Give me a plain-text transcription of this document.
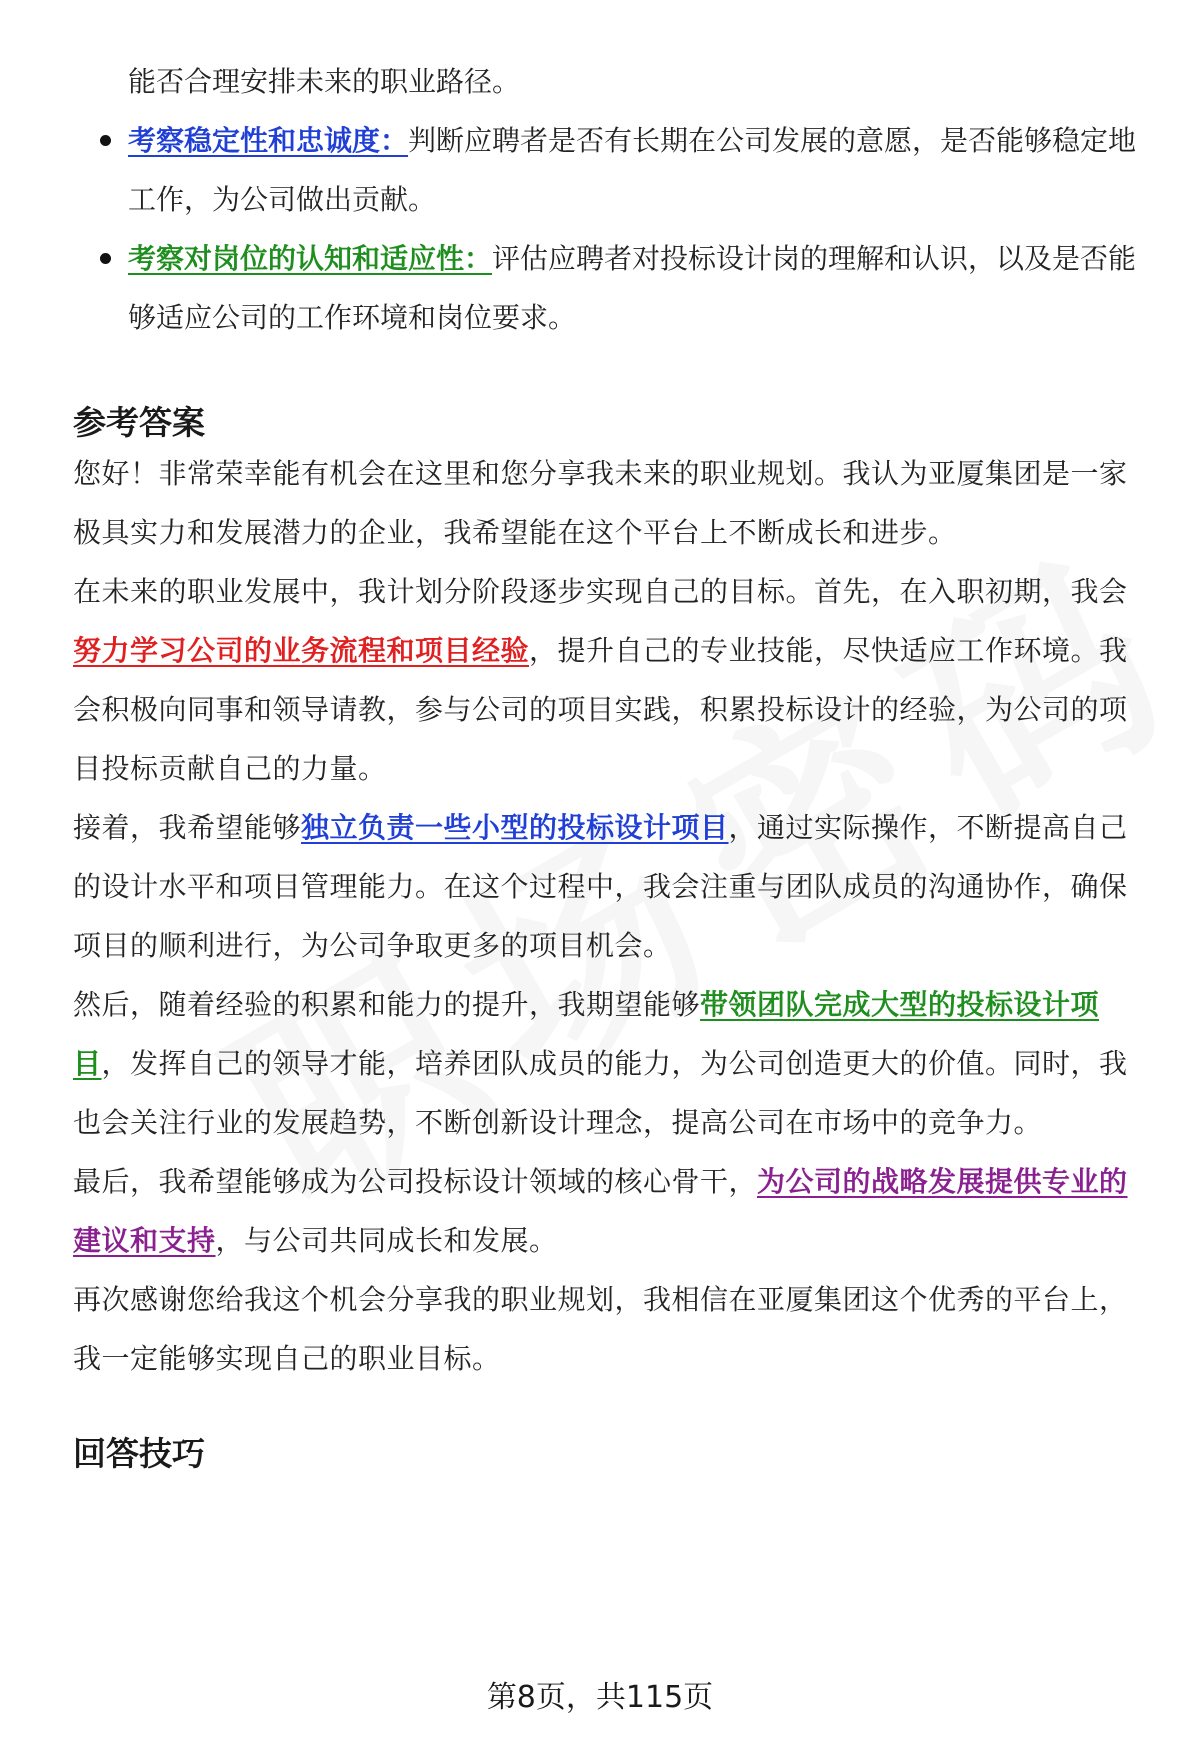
能否合理安排未来的职业路径。

考察稳定性和忠诚度：判断应聘者是否有长期在公司发展的意愿，是否能够稳定地工作，为公司做出贡献。
考察对岗位的认知和适应性：评估应聘者对投标设计岗的理解和认识，以及是否能够适应公司的工作环境和岗位要求。
参考答案

您好！非常荣幸能有机会在这里和您分享我未来的职业规划。我认为亚厦集团是一家极具实力和发展潜力的企业，我希望能在这个平台上不断成长和进步。

在未来的职业发展中，我计划分阶段逐步实现自己的目标。首先，在入职初期，我会努力学习公司的业务流程和项目经验，提升自己的专业技能，尽快适应工作环境。我会积极向同事和领导请教，参与公司的项目实践，积累投标设计的经验，为公司的项目投标贡献自己的力量。

接着，我希望能够独立负责一些小型的投标设计项目，通过实际操作，不断提高自己的设计水平和项目管理能力。在这个过程中，我会注重与团队成员的沟通协作，确保项目的顺利进行，为公司争取更多的项目机会。

然后，随着经验的积累和能力的提升，我期望能够带领团队完成大型的投标设计项目，发挥自己的领导才能，培养团队成员的能力，为公司创造更大的价值。同时，我也会关注行业的发展趋势，不断创新设计理念，提高公司在市场中的竞争力。

最后，我希望能够成为公司投标设计领域的核心骨干，为公司的战略发展提供专业的建议和支持，与公司共同成长和发展。

再次感谢您给我这个机会分享我的职业规划，我相信在亚厦集团这个优秀的平台上，我一定能够实现自己的职业目标。

回答技巧
第8页，共115页
